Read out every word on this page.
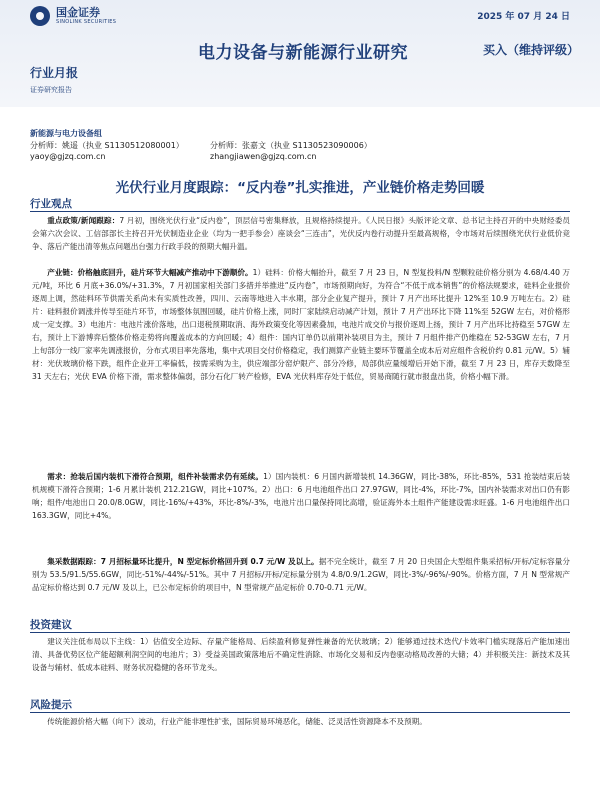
国金证券
SINOLINK SECURITIES	2025 年 07 月 24 日
电力设备与新能源行业研究	买入（维持评级）
行业月报
证券研究报告
新能源与电力设备组
分析师：姚遥（执业 S1130512080001）	分析师：张嘉文（执业 S1130523090006）
yaoy@gjzq.com.cn	zhangjiawen@gjzq.com.cn
光伏行业月度跟踪：“反内卷”扎实推进，产业链价格走势回暖
行业观点
重点政策/新闻跟踪：7 月初，围绕光伏行业“反内卷”，顶层信号密集释放，且规格持续提升。《人民日报》头版评论文章、总书记主持召开的中央财经委员会第六次会议、工信部部长主持召开光伏制造业企业（均为一把手参会）座谈会“三连击”，光伏反内卷行动提升至最高规格，令市场对后续围绕光伏行业低价竞争、落后产能出清等焦点问题出台强力行政手段的预期大幅升温。
产业链：价格触底回升，硅片环节大幅减产推动中下游顺价。1）硅料：价格大幅抬升，截至 7 月 23 日，N 型复投料/N 型颗粒硅价格分别为 4.68/4.40 万元/吨，环比 6 月底+36.0%/+31.3%，7 月初国家相关部门多措并举推进“反内卷”，市场预期向好，为符合“不低于成本销售”的价格法规要求，硅料企业报价逐周上调，然硅料环节供需关系尚未有实质性改善，四川、云南等地进入丰水期，部分企业复产提升，预计 7 月产出环比提升 12%至 10.9 万吨左右。2）硅片：硅料报价调涨并传导至硅片环节，市场整体氛围回暖，硅片价格上涨，同时厂家陆续启动减产计划，预计 7 月产出环比下降 11%至 52GW 左右，对价格形成一定支撑。3）电池片：电池片涨价落地，出口退税预期取消、海外政策变化等因素叠加，电池片成交价与报价逐周上扬，预计 7 月产出环比持稳至 57GW 左右，预计上下游博弈后整体价格走势将向覆盖成本的方向回暖；4）组件：国内订单仍以前期补装项目为主，预计 7 月组件排产仍维稳在 52-53GW 左右，7 月上旬部分一线厂家率先调涨报价，分布式项目率先落地，集中式项目交付价格稳定，我们测算产业链主要环节覆盖全成本后对应组件含税价约 0.81 元/W。5）辅材：光伏玻璃价格下跌，组件企业开工率偏低，按需采购为主，供应端部分窑炉限产、部分冷修，局部供应量缓增后开始下滑，截至 7 月 23 日，库存天数降至 31 天左右；光伏 EVA 价格下滑，需求整体偏弱，部分石化厂转产检修，EVA 光伏料库存处于低位，贸易商随行就市报盘出货，价格小幅下滑。
需求：抢装后国内装机下滑符合预期，组件补装需求仍有延续。1）国内装机：6 月国内新增装机 14.36GW，同比-38%，环比-85%，531 抢装结束后装机规模下滑符合预期；1-6 月累计装机 212.21GW，同比+107%。2）出口：6 月电池组件出口 27.97GW，同比-4%，环比-7%，国内补装需求对出口仍有影响；组件/电池出口 20.0/8.0GW，同比-16%/+43%，环比-8%/-3%，电池片出口量保持同比高增，验证海外本土组件产能建设需求旺盛。1-6 月电池组件出口 163.3GW，同比+4%。
集采数据跟踪：7 月招标量环比提升，N 型定标价格回升到 0.7 元/W 及以上。据不完全统计，截至 7 月 20 日央国企大型组件集采招标/开标/定标容量分别为 53.5/91.5/55.6GW，同比-51%/-44%/-51%。其中 7 月招标/开标/定标量分别为 4.8/0.9/1.2GW，同比-3%/-96%/-90%。价格方面，7 月 N 型常规产品定标价格达到 0.7 元/W 及以上，已公布定标价的项目中，N 型常规产品定标价 0.70-0.71 元/W。
投资建议
建议关注低布局以下主线：1）估值安全边际、存量产能格局、后续盈利修复弹性兼备的光伏玻璃；2）能够通过技术迭代/卡效率门槛实现落后产能加速出清、具备优势区位产能超额利润空间的电池片；3）受益美国政策落地后不确定性消除、市场化交易和反内卷驱动格局改善的大储；4）并积极关注：新技术及其设备与辅材、低成本硅料、财务状况稳健的各环节龙头。
风险提示
传统能源价格大幅（向下）波动，行业产能非理性扩张，国际贸易环境恶化，储能、泛灵活性资源降本不及预期。
